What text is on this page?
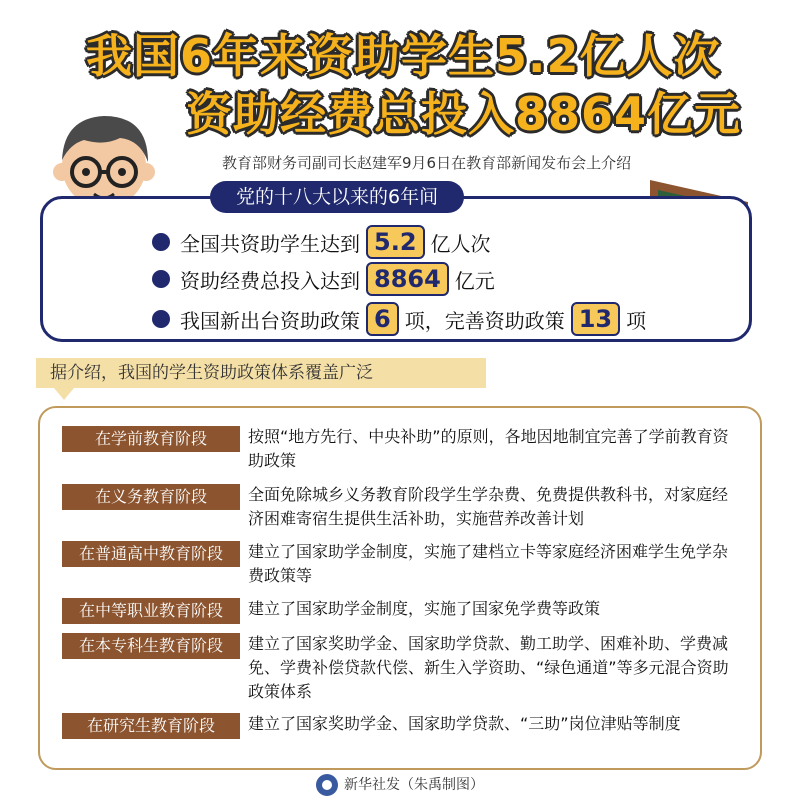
我国6年来资助学生5.2亿人次
资助经费总投入8864亿元
教育部财务司副司长赵建军9月6日在教育部新闻发布会上介绍
党的十八大以来的6年间
全国共资助学生达到 5.2 亿人次
资助经费总投入达到 8864 亿元
我国新出台资助政策 6 项，完善资助政策 13 项
据介绍，我国的学生资助政策体系覆盖广泛
在学前教育阶段	按照“地方先行、中央补助”的原则，各地因地制宜完善了学前教育资助政策
在义务教育阶段	全面免除城乡义务教育阶段学生学杂费、免费提供教科书，对家庭经济困难寄宿生提供生活补助，实施营养改善计划
在普通高中教育阶段	建立了国家助学金制度，实施了建档立卡等家庭经济困难学生免学杂费政策等
在中等职业教育阶段	建立了国家助学金制度，实施了国家免学费等政策
在本专科生教育阶段	建立了国家奖助学金、国家助学贷款、勤工助学、困难补助、学费减免、学费补偿贷款代偿、新生入学资助、“绿色通道”等多元混合资助政策体系
在研究生教育阶段	建立了国家奖助学金、国家助学贷款、“三助”岗位津贴等制度
新华社发（朱禹制图）
